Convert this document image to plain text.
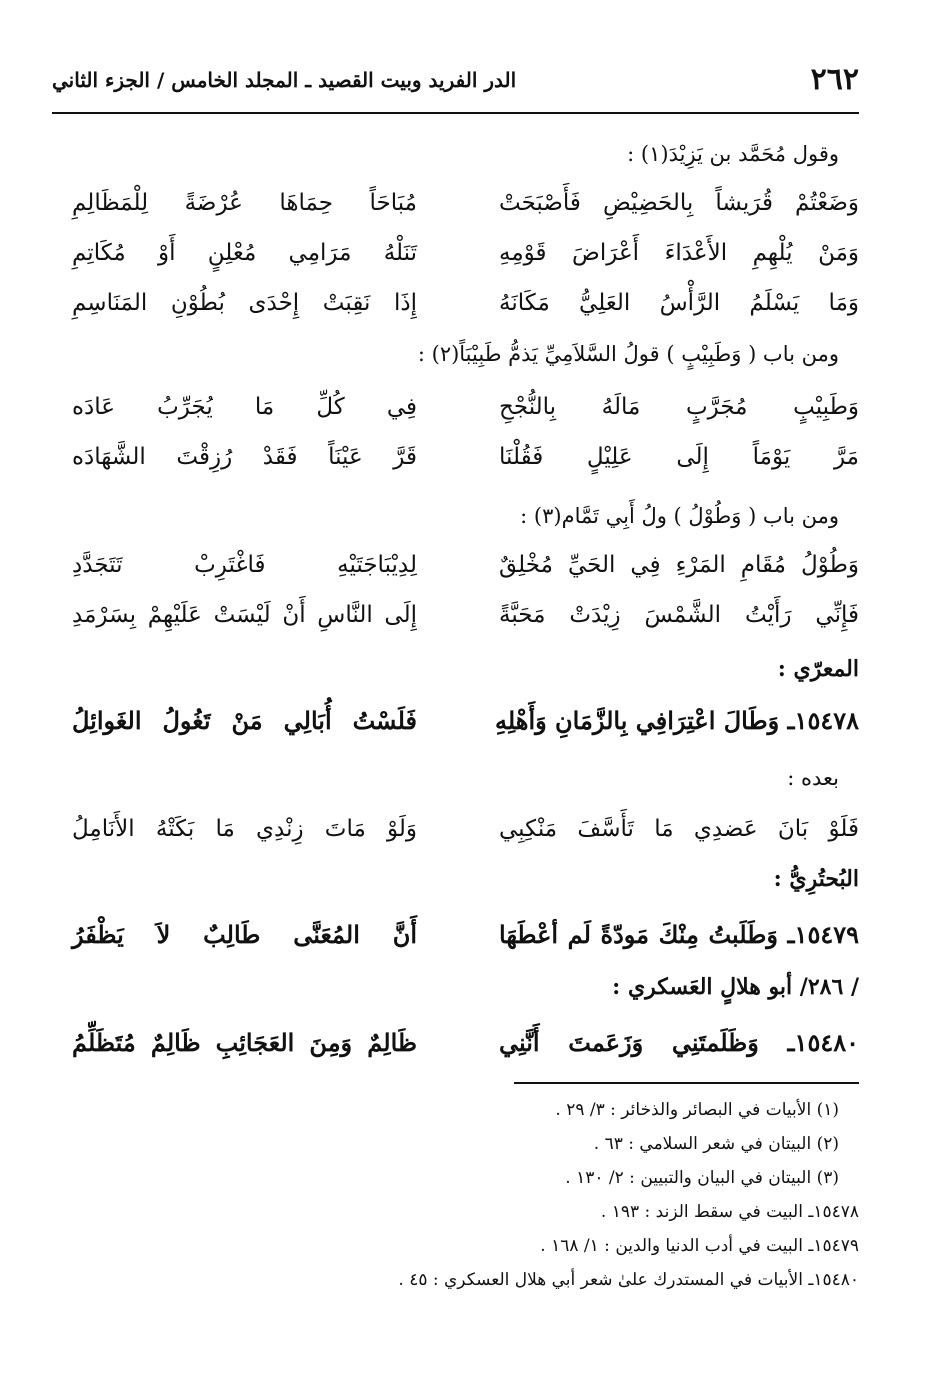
٢٦٢
الدر الفريد وبيت القصيد ـ المجلد الخامس / الجزء الثاني
وقول مُحَمَّد بن يَزِيْدَ(١) :
وَضَعْتُمْ قُرَيشاً بِالحَضِيْضِ فَأَصْبَحَتْ
مُبَاحَاً حِمَاهَا عُرْضَةً لِلْمَظَالِمِ
وَمَنْ يُلْهِمِ الأَعْدَاءَ أَعْرَاضَ قَوْمِهِ
تَنَلْهُ مَرَامِي مُعْلِنٍ أَوْ مُكَاتِمِ
وَمَا يَسْلَمُ الرَّأْسُ العَلِيُّ مَكَانَهُ
إِذَا نَقِبَتْ إِحْدَى بُطُوْنِ المَنَاسِمِ
ومن باب ( وَطَبِيْبٍ ) قولُ السَّلاَمِيِّ يَذمُّ طَبِيْبَاً(٢) :
وَطَبِيْبٍ مُجَرَّبٍ مَالَهُ بِالنُّجْحِ
فِي كُلِّ مَا يُجَرِّبُ عَادَه
مَرَّ يَوْمَاً إِلَى عَلِيْلٍ فَقُلْنَا
قَرَّ عَيْنَاً فَقَدْ رُزِقْتَ الشَّهَادَه
ومن باب ( وَطُوْلُ ) ولُ أَبِي تَمَّام(٣) :
وَطُوْلُ مُقَامِ المَرْءِ فِي الحَيِّ مُخْلِقٌ
لِدِيْبَاجَتَيْهِ فَاغْتَرِبْ تَتَجَدَّدِ
فَإِنِّي رَأَيْتُ الشَّمْسَ زِيْدَتْ مَحَبَّةً
إِلَى النَّاسِ أَنْ لَيْسَتْ عَلَيْهِمْ بِسَرْمَدِ
المعرّي :
١٥٤٧٨ـ وَطَالَ اعْتِرَافِي بِالزَّمَانِ وَأَهْلِهِ
فَلَسْتُ أُبَالِي مَنْ تَغُولُ الغَوائِلُ
بعده :
فَلَوْ بَانَ عَضدِي مَا تَأَسَّفَ مَنْكِبِي
وَلَوْ مَاتَ زِنْدِي مَا بَكَتْهُ الأَنَامِلُ
البُحتُرِيُّ :
١٥٤٧٩ـ وَطَلَبتُ مِنْكَ مَودّةً لَم أعْطَهَا
أَنَّ المُعَنَّى طَالِبٌ لاَ يَظْفَرُ
/ ٢٨٦/ أبو هلالٍ العَسكري :
١٥٤٨٠ـ وَظَلَمتَنِي وَزَعَمتَ أَنَّنِي
ظَالِمٌ وَمِنَ العَجَائِبِ ظَالِمٌ مُتَظَلِّمُ
(١) الأبيات في البصائر والذخائر : ٣/ ٢٩ .
(٢) البيتان في شعر السلامي : ٦٣ .
(٣) البيتان في البيان والتبيين : ٢/ ١٣٠ .
١٥٤٧٨ـ البيت في سقط الزند : ١٩٣ .
١٥٤٧٩ـ البيت في أدب الدنيا والدين : ١/ ١٦٨ .
١٥٤٨٠ـ الأبيات في المستدرك علىٰ شعر أبي هلال العسكري : ٤٥ .
